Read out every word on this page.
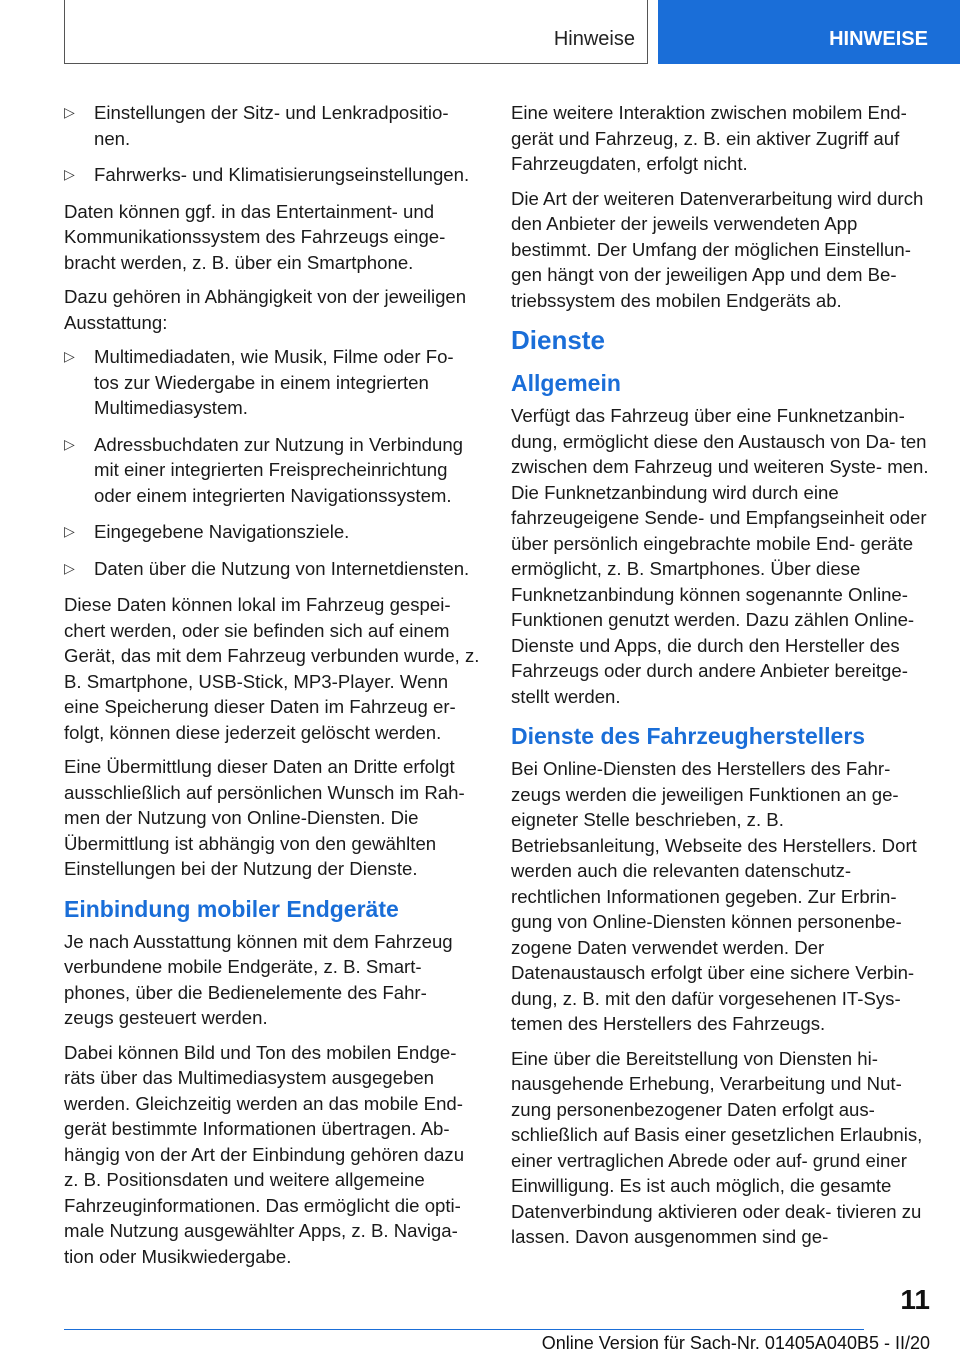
Hinweise	HINWEISE
▷ Einstellungen der Sitz- und Lenkradpositio- nen.
▷ Fahrwerks- und Klimatisierungseinstellungen.

Daten können ggf. in das Entertainment- und Kommunikationssystem des Fahrzeugs einge- bracht werden, z. B. über ein Smartphone.

Dazu gehören in Abhängigkeit von der jeweiligen Ausstattung:

▷ Multimediadaten, wie Musik, Filme oder Fo- tos zur Wiedergabe in einem integrierten Multimediasystem.
▷ Adressbuchdaten zur Nutzung in Verbindung mit einer integrierten Freisprecheinrichtung oder einem integrierten Navigationssystem.
▷ Eingegebene Navigationsziele.
▷ Daten über die Nutzung von Internetdiensten.

Diese Daten können lokal im Fahrzeug gespei- chert werden, oder sie befinden sich auf einem Gerät, das mit dem Fahrzeug verbunden wurde, z. B. Smartphone, USB-Stick, MP3-Player. Wenn eine Speicherung dieser Daten im Fahrzeug er- folgt, können diese jederzeit gelöscht werden.

Eine Übermittlung dieser Daten an Dritte erfolgt ausschließlich auf persönlichen Wunsch im Rah- men der Nutzung von Online-Diensten. Die Übermittlung ist abhängig von den gewählten Einstellungen bei der Nutzung der Dienste.

Einbindung mobiler Endgeräte

Je nach Ausstattung können mit dem Fahrzeug verbundene mobile Endgeräte, z. B. Smart- phones, über die Bedienelemente des Fahr- zeugs gesteuert werden.

Dabei können Bild und Ton des mobilen Endge- räts über das Multimediasystem ausgegeben werden. Gleichzeitig werden an das mobile End- gerät bestimmte Informationen übertragen. Ab- hängig von der Art der Einbindung gehören dazu z. B. Positionsdaten und weitere allgemeine Fahrzeuginformationen. Das ermöglicht die opti- male Nutzung ausgewählter Apps, z. B. Naviga- tion oder Musikwiedergabe.

Eine weitere Interaktion zwischen mobilem End- gerät und Fahrzeug, z. B. ein aktiver Zugriff auf Fahrzeugdaten, erfolgt nicht.

Die Art der weiteren Datenverarbeitung wird durch den Anbieter der jeweils verwendeten App bestimmt. Der Umfang der möglichen Einstellun- gen hängt von der jeweiligen App und dem Be- triebssystem des mobilen Endgeräts ab.

Dienste
Allgemein

Verfügt das Fahrzeug über eine Funknetzanbin- dung, ermöglicht diese den Austausch von Da- ten zwischen dem Fahrzeug und weiteren Syste- men. Die Funknetzanbindung wird durch eine fahrzeugeigene Sende- und Empfangseinheit oder über persönlich eingebrachte mobile End- geräte ermöglicht, z. B. Smartphones. Über diese Funknetzanbindung können sogenannte Online- Funktionen genutzt werden. Dazu zählen Online- Dienste und Apps, die durch den Hersteller des Fahrzeugs oder durch andere Anbieter bereitge- stellt werden.

Dienste des Fahrzeugherstellers

Bei Online-Diensten des Herstellers des Fahr- zeugs werden die jeweiligen Funktionen an ge- eigneter Stelle beschrieben, z. B. Betriebsanleitung, Webseite des Herstellers. Dort werden auch die relevanten datenschutz- rechtlichen Informationen gegeben. Zur Erbrin- gung von Online-Diensten können personenbe- zogene Daten verwendet werden. Der Datenaustausch erfolgt über eine sichere Verbin- dung, z. B. mit den dafür vorgesehenen IT-Sys- temen des Herstellers des Fahrzeugs.

Eine über die Bereitstellung von Diensten hi- nausgehende Erhebung, Verarbeitung und Nut- zung personenbezogener Daten erfolgt aus- schließlich auf Basis einer gesetzlichen Erlaubnis, einer vertraglichen Abrede oder auf- grund einer Einwilligung. Es ist auch möglich, die gesamte Datenverbindung aktivieren oder deak- tivieren zu lassen. Davon ausgenommen sind ge-

11
Online Version für Sach-Nr. 01405A040B5 - II/20
